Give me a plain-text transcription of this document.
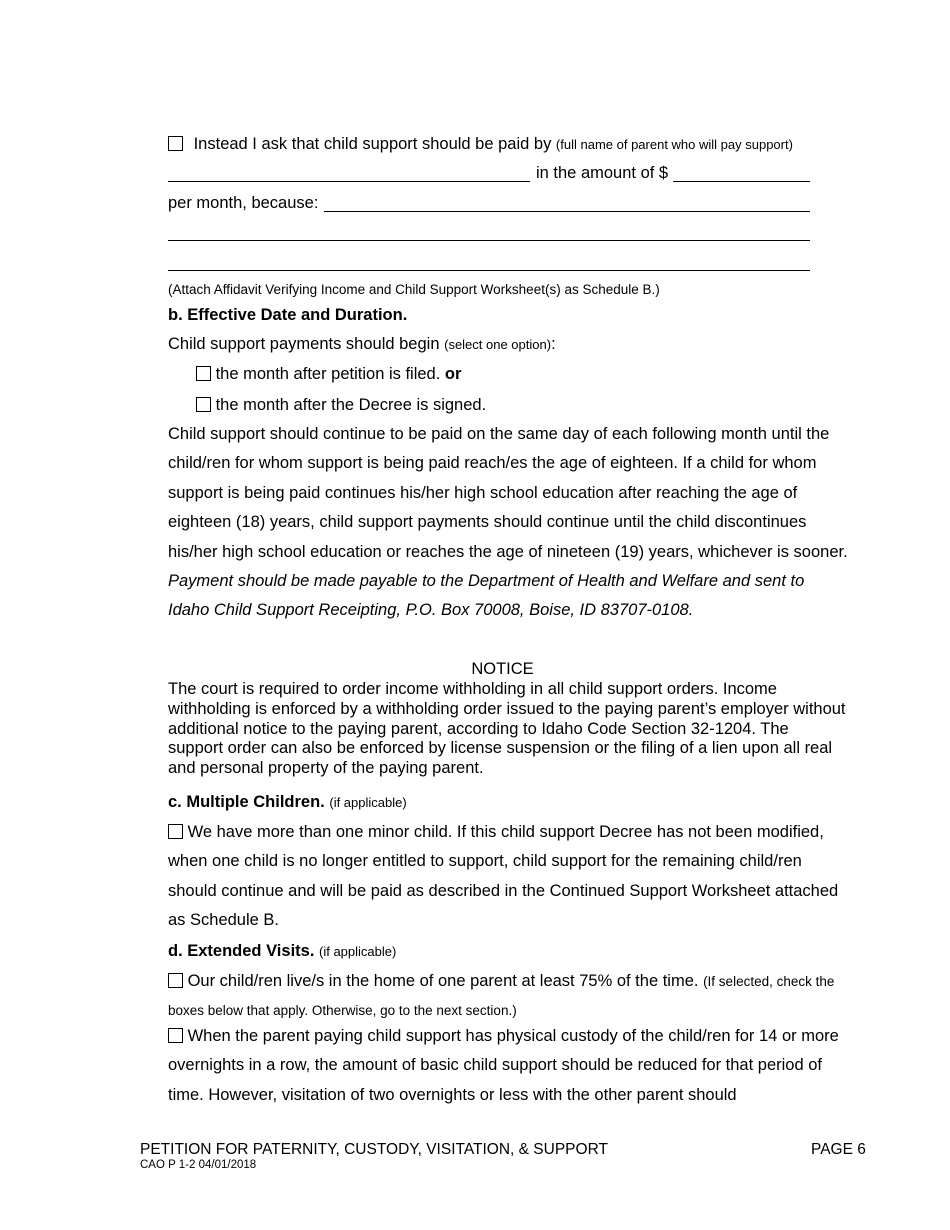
Instead I ask that child support should be paid by (full name of parent who will pay support)
in the amount of $
per month, because:
(Attach Affidavit Verifying Income and Child Support Worksheet(s) as Schedule B.)
b. Effective Date and Duration.
Child support payments should begin (select one option):
the month after petition is filed. or
the month after the Decree is signed.
Child support should continue to be paid on the same day of each following month until the child/ren for whom support is being paid reach/es the age of eighteen. If a child for whom support is being paid continues his/her high school education after reaching the age of eighteen (18) years, child support payments should continue until the child discontinues his/her high school education or reaches the age of nineteen (19) years, whichever is sooner. Payment should be made payable to the Department of Health and Welfare and sent to Idaho Child Support Receipting, P.O. Box 70008, Boise, ID 83707-0108.
NOTICE
The court is required to order income withholding in all child support orders. Income withholding is enforced by a withholding order issued to the paying parent’s employer without additional notice to the paying parent, according to Idaho Code Section 32-1204. The support order can also be enforced by license suspension or the filing of a lien upon all real and personal property of the paying parent.
c. Multiple Children. (if applicable)
We have more than one minor child. If this child support Decree has not been modified, when one child is no longer entitled to support, child support for the remaining child/ren should continue and will be paid as described in the Continued Support Worksheet attached as Schedule B.
d. Extended Visits. (if applicable)
Our child/ren live/s in the home of one parent at least 75% of the time. (If selected, check the boxes below that apply. Otherwise, go to the next section.)
When the parent paying child support has physical custody of the child/ren for 14 or more overnights in a row, the amount of basic child support should be reduced for that period of time. However, visitation of two overnights or less with the other parent should
PETITION FOR PATERNITY, CUSTODY, VISITATION, & SUPPORT
CAO P 1-2 04/01/2018
PAGE 6
